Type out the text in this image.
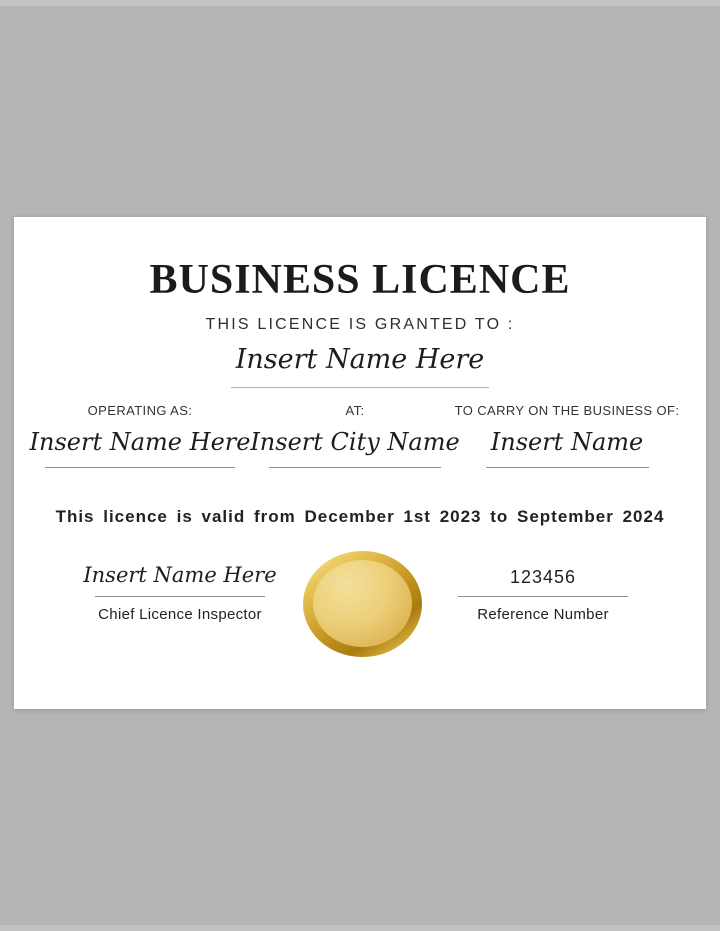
BUSINESS LICENCE
THIS LICENCE IS GRANTED TO :
Insert Name Here
OPERATING AS:
Insert Name Here
AT:
Insert City Name
TO CARRY ON THE BUSINESS OF:
Insert Name
This licence is valid from December 1st 2023 to September 2024
Insert Name Here
Chief Licence Inspector
123456
Reference Number
